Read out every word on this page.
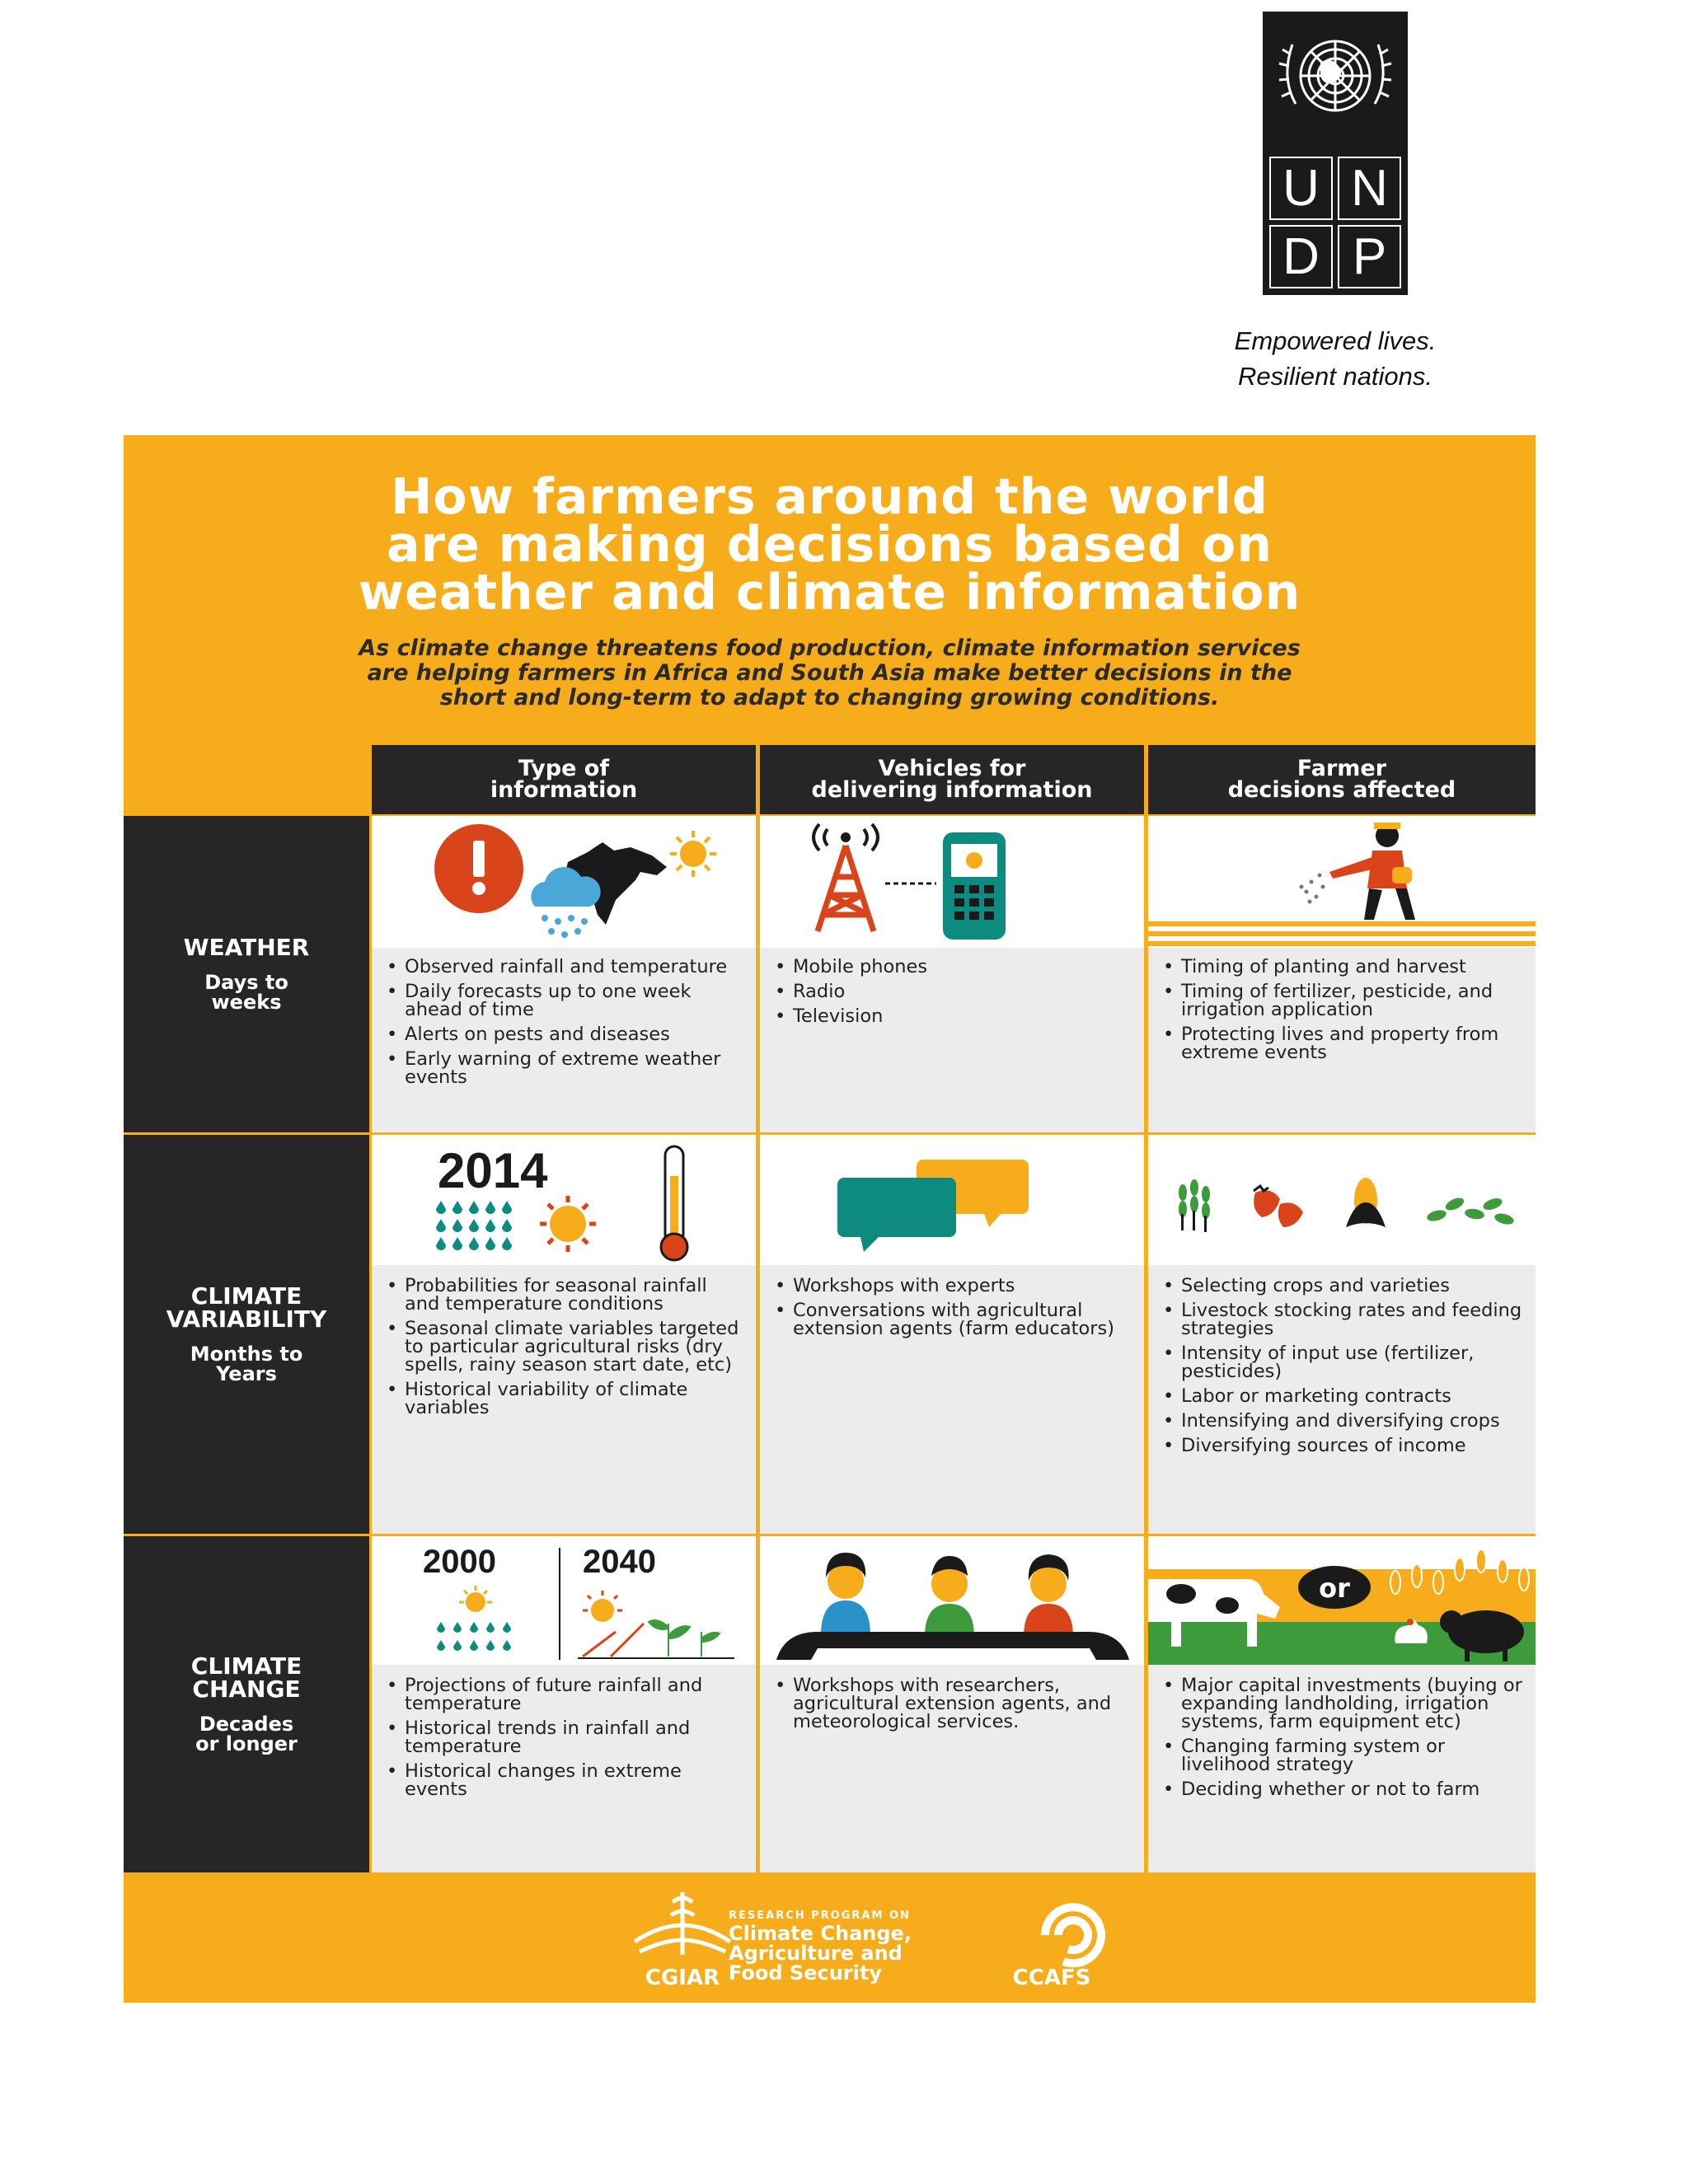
U N
D P
Empowered lives.
Resilient nations.
How farmers around the world
are making decisions based on
weather and climate information
As climate change threatens food production, climate information services
are helping farmers in Africa and South Asia make better decisions in the
short and long-term to adapt to changing growing conditions.
Type of
information
Vehicles for
delivering information
Farmer
decisions affected
WEATHER
Days to
weeks
CLIMATE
VARIABILITY
Months to
Years
CLIMATE
CHANGE
Decades
or longer
• Observed rainfall and temperature
• Daily forecasts up to one week ahead of time
• Alerts on pests and diseases
• Early warning of extreme weather events
• Mobile phones
• Radio
• Television
• Timing of planting and harvest
• Timing of fertilizer, pesticide, and irrigation application
• Protecting lives and property from extreme events
2014
• Probabilities for seasonal rainfall and temperature conditions
• Seasonal climate variables targeted to particular agricultural risks (dry spells, rainy season start date, etc)
• Historical variability of climate variables
• Workshops with experts
• Conversations with agricultural extension agents (farm educators)
• Selecting crops and varieties
• Livestock stocking rates and feeding strategies
• Intensity of input use (fertilizer, pesticides)
• Labor or marketing contracts
• Intensifying and diversifying crops
• Diversifying sources of income
2000	2040
• Projections of future rainfall and temperature
• Historical trends in rainfall and temperature
• Historical changes in extreme events
• Workshops with researchers, agricultural extension agents, and meteorological services.
or
• Major capital investments (buying or expanding landholding, irrigation systems, farm equipment etc)
• Changing farming system or livelihood strategy
• Deciding whether or not to farm
CGIAR
RESEARCH PROGRAM ON
Climate Change,
Agriculture and
Food Security	CCAFS
